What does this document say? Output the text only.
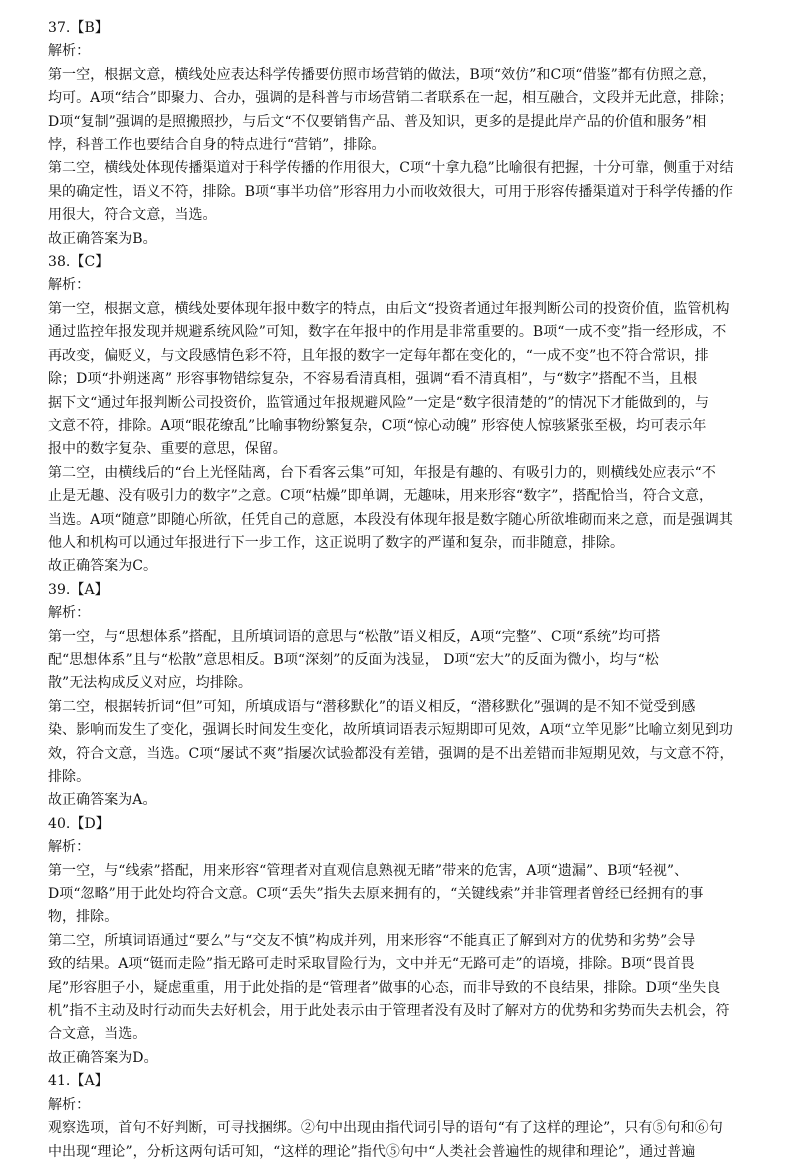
37.【B】
解析：
第一空，根据文意，横线处应表达科学传播要仿照市场营销的做法，B项“效仿”和C项“借鉴”都有仿照之意，
均可。A项“结合”即聚力、合办，强调的是科普与市场营销二者联系在一起，相互融合，文段并无此意，排除；
D项“复制”强调的是照搬照抄，与后文“不仅要销售产品、普及知识，更多的是提此岸产品的价值和服务”相
悖，科普工作也要结合自身的特点进行“营销”，排除。
第二空，横线处体现传播渠道对于科学传播的作用很大，C项“十拿九稳”比喻很有把握，十分可靠，侧重于对结
果的确定性，语义不符，排除。B项“事半功倍”形容用力小而收效很大，可用于形容传播渠道对于科学传播的作
用很大，符合文意，当选。
故正确答案为B。
38.【C】
解析：
第一空，根据文意，横线处要体现年报中数字的特点，由后文“投资者通过年报判断公司的投资价值，监管机构
通过监控年报发现并规避系统风险”可知，数字在年报中的作用是非常重要的。B项“一成不变”指一经形成，不
再改变，偏贬义，与文段感情色彩不符，且年报的数字一定每年都在变化的，“一成不变”也不符合常识，排
除；D项“扑朔迷离” 形容事物错综复杂，不容易看清真相，强调“看不清真相”，与“数字”搭配不当，且根
据下文“通过年报判断公司投资价，监管通过年报规避风险”一定是“数字很清楚的”的情况下才能做到的，与
文意不符，排除。A项“眼花缭乱”比喻事物纷繁复杂，C项“惊心动魄” 形容使人惊骇紧张至极，均可表示年
报中的数字复杂、重要的意思，保留。
第二空，由横线后的“台上光怪陆离，台下看客云集”可知，年报是有趣的、有吸引力的，则横线处应表示“不
止是无趣、没有吸引力的数字”之意。C项“枯燥”即单调，无趣味，用来形容“数字”，搭配恰当，符合文意，
当选。A项“随意”即随心所欲，任凭自己的意愿，本段没有体现年报是数字随心所欲堆砌而来之意，而是强调其
他人和机构可以通过年报进行下一步工作，这正说明了数字的严谨和复杂，而非随意，排除。
故正确答案为C。
39.【A】
解析：
第一空，与“思想体系”搭配，且所填词语的意思与“松散”语义相反，A项“完整”、C项“系统”均可搭
配“思想体系”且与“松散”意思相反。B项“深刻”的反面为浅显， D项“宏大”的反面为微小，均与“松
散”无法构成反义对应，均排除。
第二空，根据转折词“但”可知，所填成语与“潜移默化”的语义相反，“潜移默化”强调的是不知不觉受到感
染、影响而发生了变化，强调长时间发生变化，故所填词语表示短期即可见效，A项“立竿见影”比喻立刻见到功
效，符合文意，当选。C项“屡试不爽”指屡次试验都没有差错，强调的是不出差错而非短期见效，与文意不符，
排除。
故正确答案为A。
40.【D】
解析：
第一空，与“线索”搭配，用来形容“管理者对直观信息熟视无睹”带来的危害，A项“遗漏”、B项“轻视”、
D项“忽略”用于此处均符合文意。C项“丢失”指失去原来拥有的，“关键线索”并非管理者曾经已经拥有的事
物，排除。
第二空，所填词语通过“要么”与“交友不慎”构成并列，用来形容“不能真正了解到对方的优势和劣势”会导
致的结果。A项“铤而走险”指无路可走时采取冒险行为，文中并无“无路可走”的语境，排除。B项“畏首畏
尾”形容胆子小，疑虑重重，用于此处指的是“管理者”做事的心态，而非导致的不良结果，排除。D项“坐失良
机”指不主动及时行动而失去好机会，用于此处表示由于管理者没有及时了解对方的优势和劣势而失去机会，符
合文意，当选。
故正确答案为D。
41.【A】
解析：
观察选项，首句不好判断，可寻找捆绑。②句中出现由指代词引导的语句“有了这样的理论”，只有⑤句和⑥句
中出现“理论”，分析这两句话可知，“这样的理论”指代⑤句中“人类社会普遍性的规律和理论”，通过普遍
